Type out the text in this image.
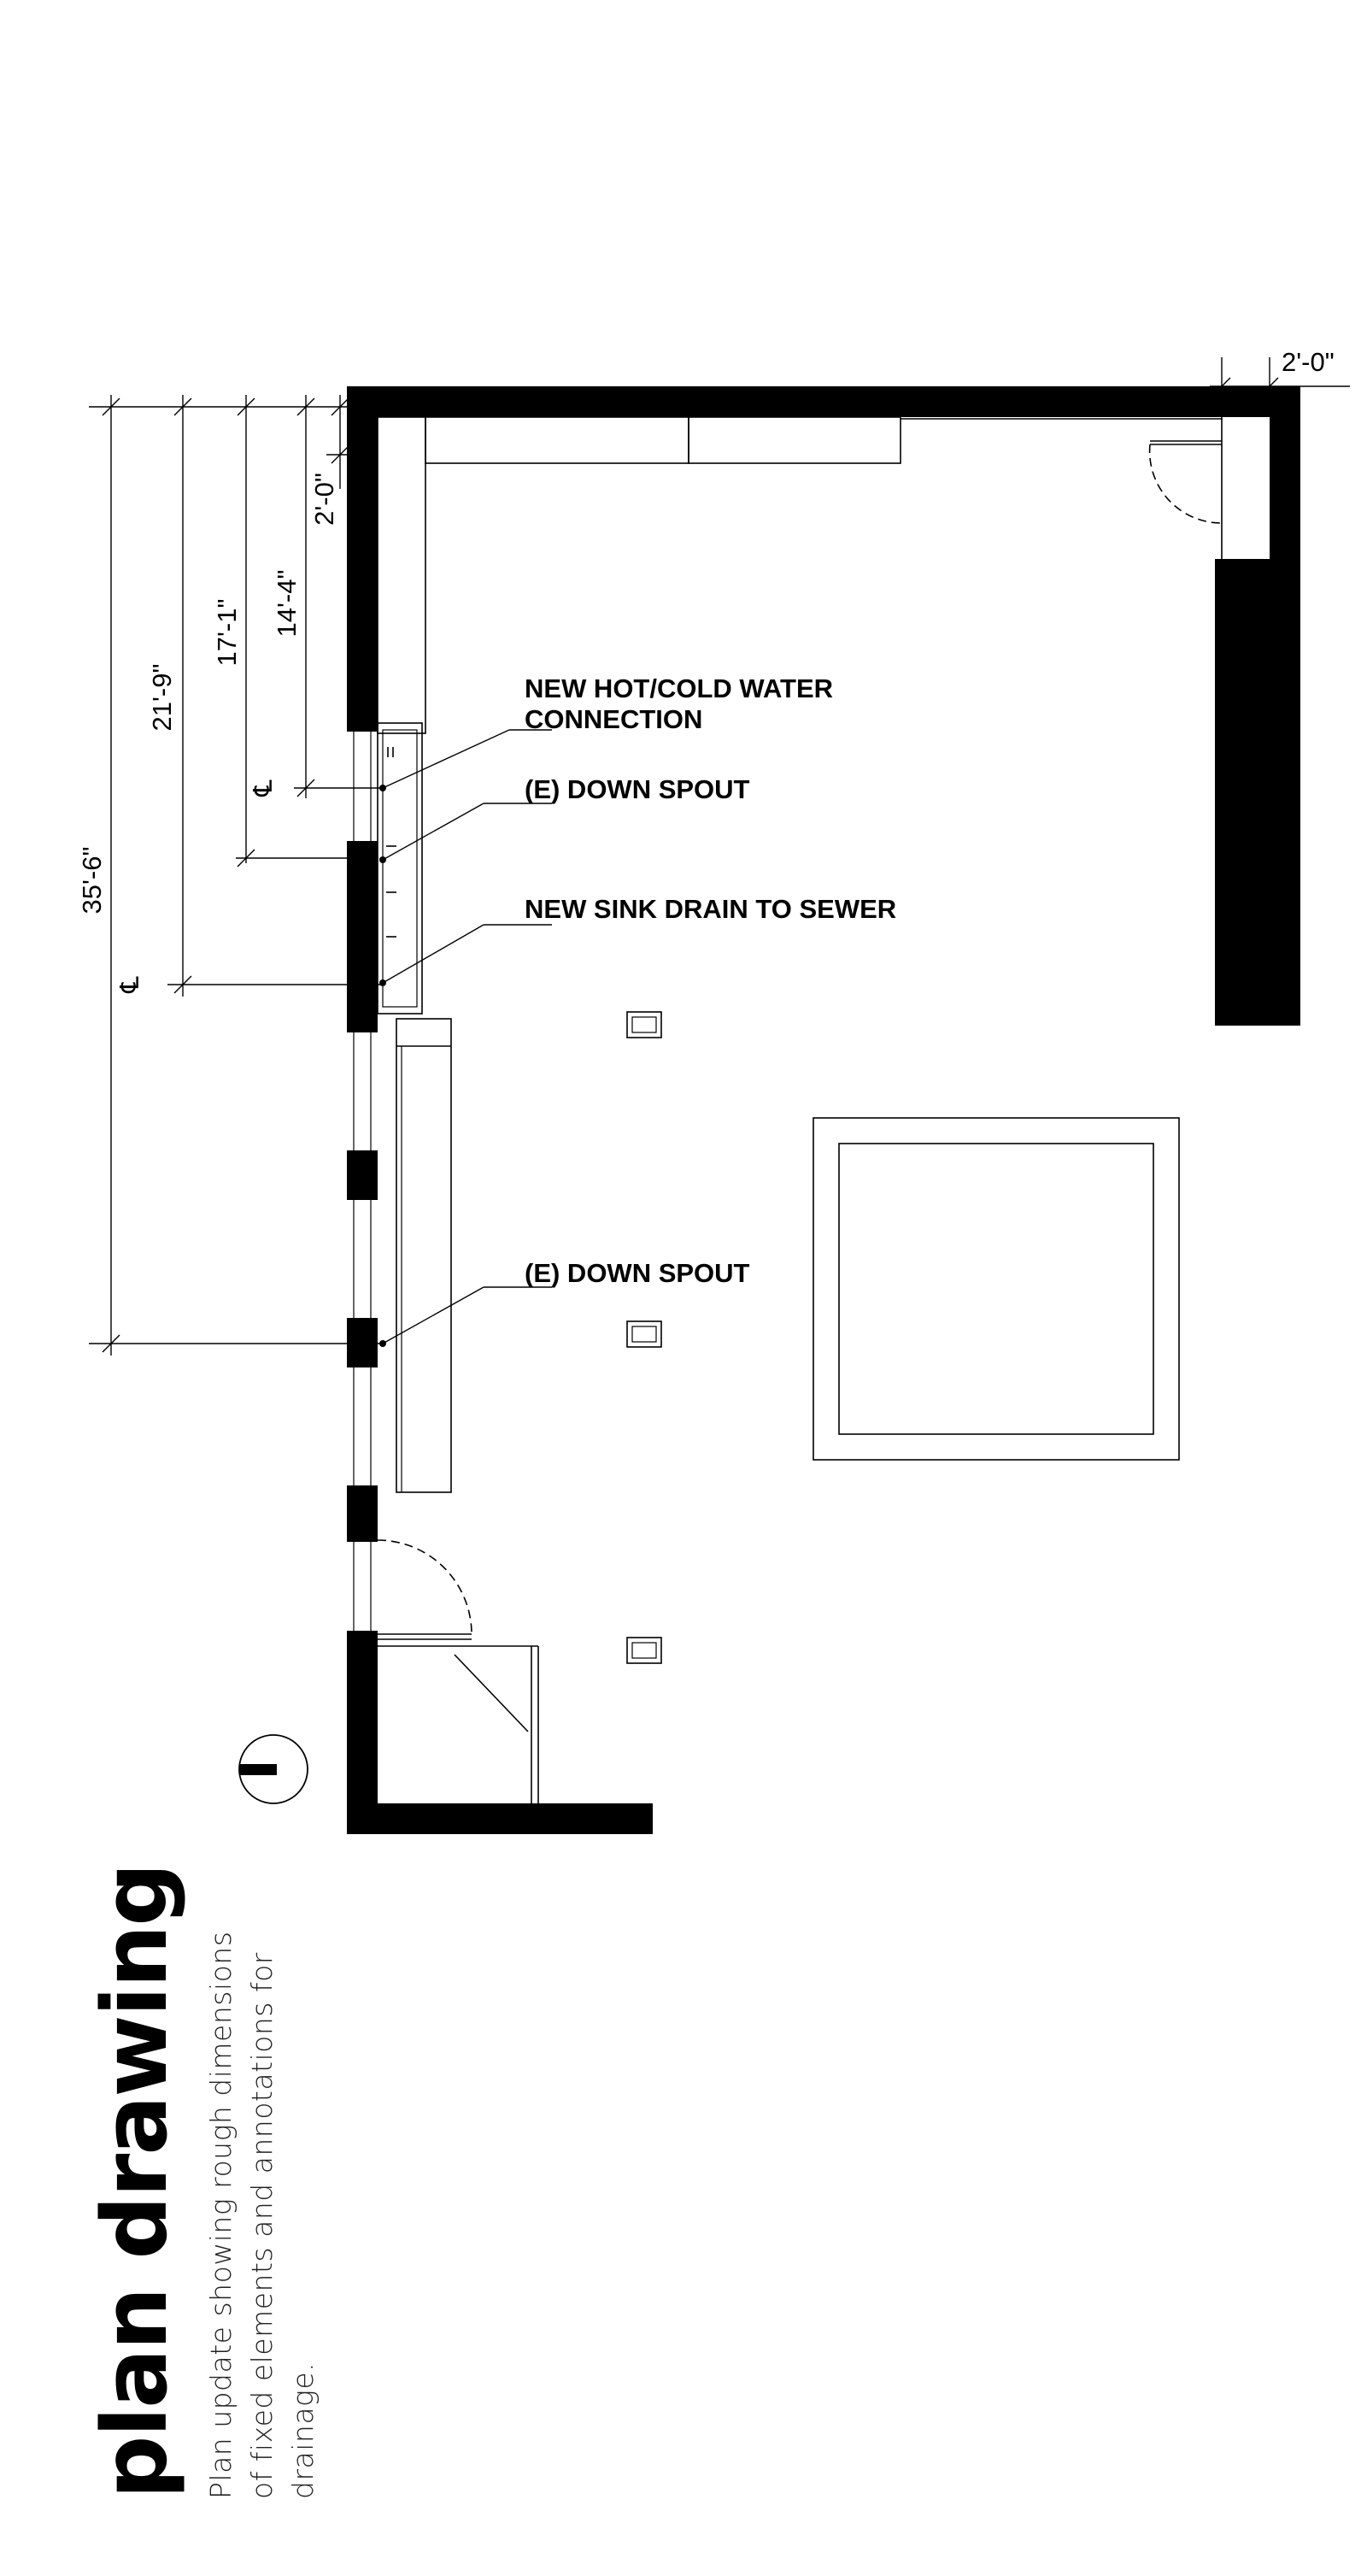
35'-6"
21'-9"
17'-1" 14'-4"
2'-0"
2'-0"
℄
℄
NEW HOT/COLD WATER
CONNECTION
(E) DOWN SPOUT
NEW SINK DRAIN TO SEWER
(E) DOWN SPOUT
plan drawing Plan update showing rough dimensions of fixed elements and annotations for drainage.
